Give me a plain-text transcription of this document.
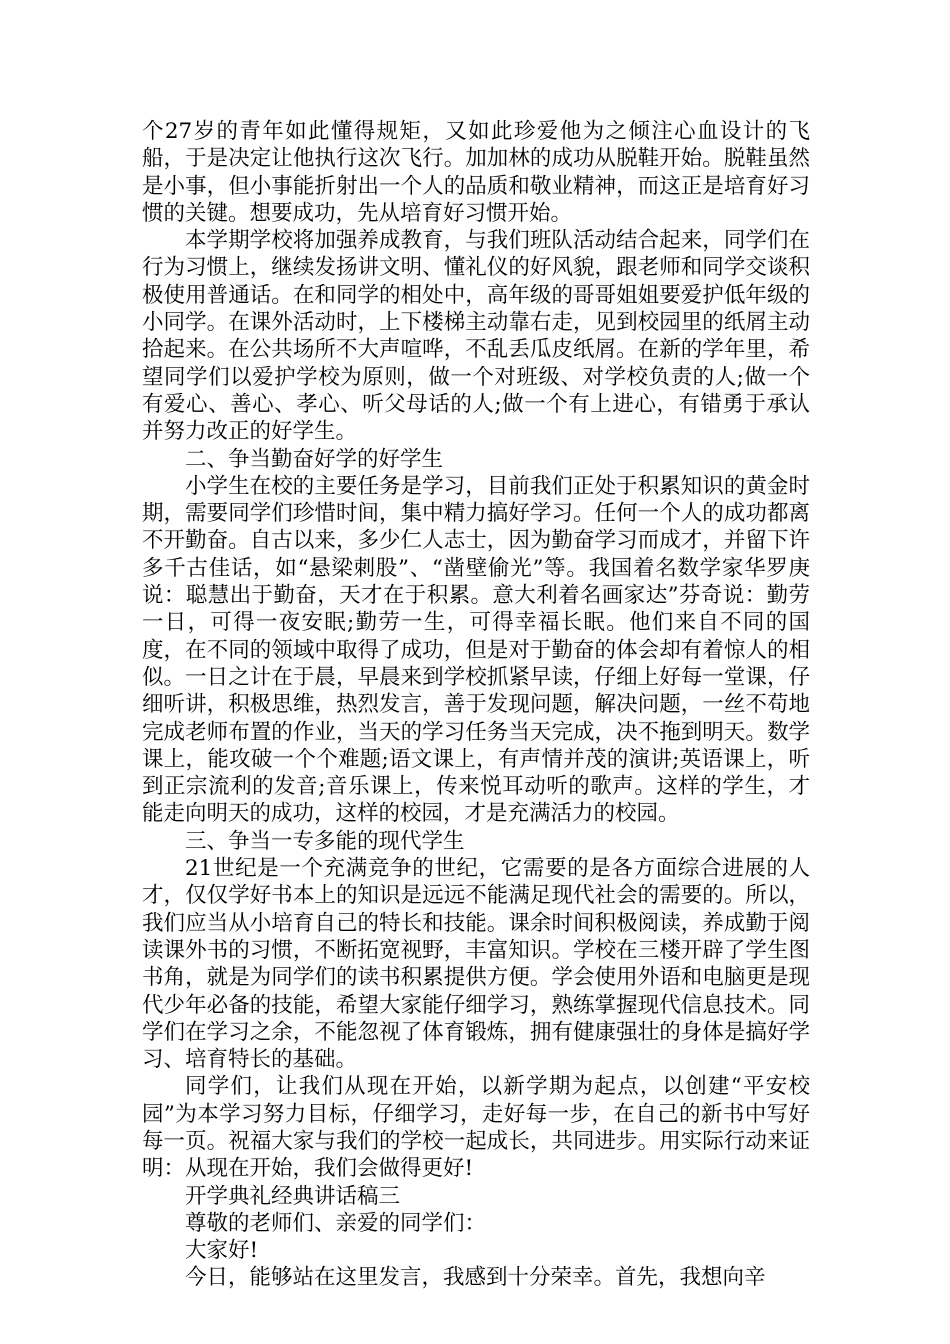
个27岁的青年如此懂得规矩，又如此珍爱他为之倾注心血设计的飞船，于是决定让他执行这次飞行。加加林的成功从脱鞋开始。脱鞋虽然是小事，但小事能折射出一个人的品质和敬业精神，而这正是培育好习惯的关键。想要成功，先从培育好习惯开始。

本学期学校将加强养成教育，与我们班队活动结合起来，同学们在行为习惯上，继续发扬讲文明、懂礼仪的好风貌，跟老师和同学交谈积极使用普通话。在和同学的相处中，高年级的哥哥姐姐要爱护低年级的小同学。在课外活动时，上下楼梯主动靠右走，见到校园里的纸屑主动拾起来。在公共场所不大声喧哗，不乱丢瓜皮纸屑。在新的学年里，希望同学们以爱护学校为原则，做一个对班级、对学校负责的人;做一个有爱心、善心、孝心、听父母话的人;做一个有上进心，有错勇于承认并努力改正的好学生。

二、争当勤奋好学的好学生

小学生在校的主要任务是学习，目前我们正处于积累知识的黄金时期，需要同学们珍惜时间，集中精力搞好学习。任何一个人的成功都离不开勤奋。自古以来，多少仁人志士，因为勤奋学习而成才，并留下许多千古佳话，如“悬梁刺股”、“凿壁偷光”等。我国着名数学家华罗庚说：聪慧出于勤奋，天才在于积累。意大利着名画家达”芬奇说：勤劳一日，可得一夜安眠;勤劳一生，可得幸福长眠。他们来自不同的国度，在不同的领域中取得了成功，但是对于勤奋的体会却有着惊人的相似。一日之计在于晨，早晨来到学校抓紧早读，仔细上好每一堂课，仔细听讲，积极思维，热烈发言，善于发现问题，解决问题，一丝不苟地完成老师布置的作业，当天的学习任务当天完成，决不拖到明天。数学课上，能攻破一个个难题;语文课上，有声情并茂的演讲;英语课上，听到正宗流利的发音;音乐课上，传来悦耳动听的歌声。这样的学生，才能走向明天的成功，这样的校园，才是充满活力的校园。

三、争当一专多能的现代学生

21世纪是一个充满竞争的世纪，它需要的是各方面综合进展的人才，仅仅学好书本上的知识是远远不能满足现代社会的需要的。所以，我们应当从小培育自己的特长和技能。课余时间积极阅读，养成勤于阅读课外书的习惯，不断拓宽视野，丰富知识。学校在三楼开辟了学生图书角，就是为同学们的读书积累提供方便。学会使用外语和电脑更是现代少年必备的技能，希望大家能仔细学习，熟练掌握现代信息技术。同学们在学习之余，不能忽视了体育锻炼，拥有健康强壮的身体是搞好学习、培育特长的基础。

同学们，让我们从现在开始，以新学期为起点，以创建“平安校园”为本学习努力目标，仔细学习，走好每一步，在自己的新书中写好每一页。祝福大家与我们的学校一起成长，共同进步。用实际行动来证明：从现在开始，我们会做得更好!

开学典礼经典讲话稿三

尊敬的老师们、亲爱的同学们：

大家好!

今日，能够站在这里发言，我感到十分荣幸。首先，我想向辛
